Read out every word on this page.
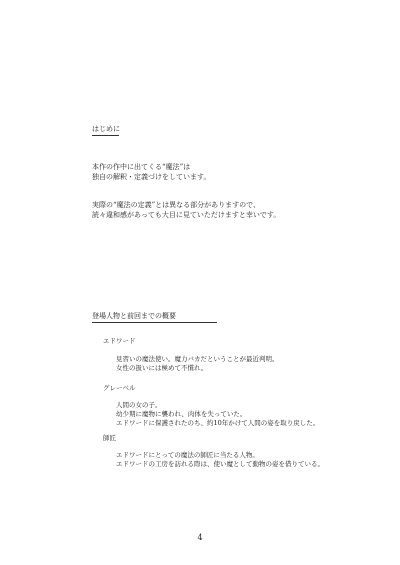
はじめに
本作の作中に出てくる“魔法”は
独自の解釈・定義づけをしています。
実際の“魔法の定義”とは異なる部分がありますので、
読々違和感があっても大目に見ていただけますと幸いです。
登場人物と前回までの概要
エドワード
見習いの魔法使い。魔力バカだということが最近判明。
女性の扱いには極めて不慣れ。
グレーベル
人間の女の子。
幼少期に魔物に襲われ、肉体を失っていた。
エドワードに保護されたのち、約10年かけて人間の姿を取り戻した。
師匠
エドワードにとっての魔法の師匠に当たる人物。
エドワードの工房を訪れる際は、使い魔として動物の姿を借りている。
4
